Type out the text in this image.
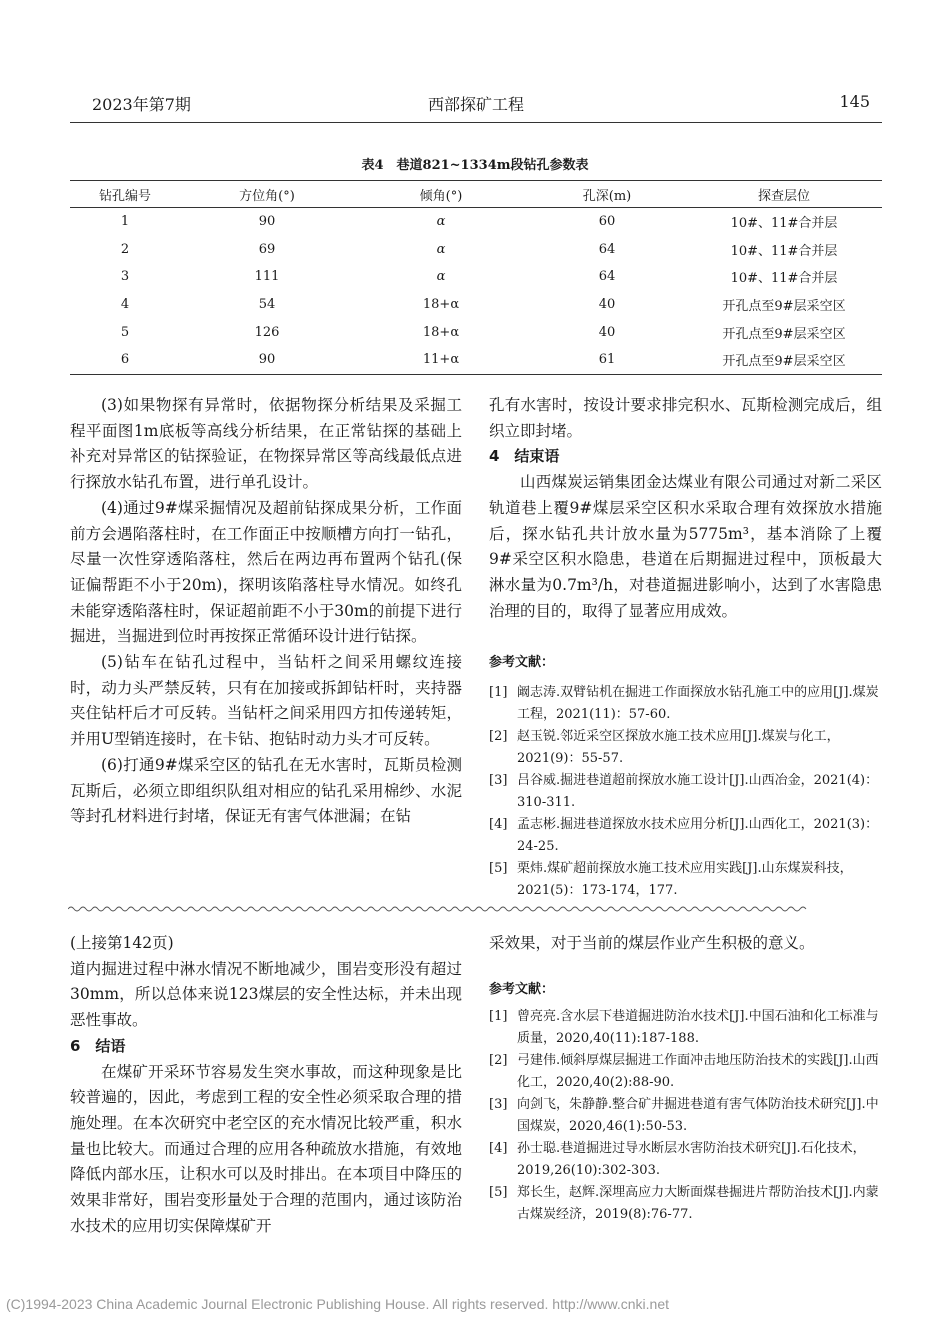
2023年第7期	西部探矿工程	145
表4　巷道821~1334m段钻孔参数表
钻孔编号	方位角(°)	倾角(°)	孔深(m)	探查层位
1	90	α	60	10#、11#合并层
2	69	α	64	10#、11#合并层
3	111	α	64	10#、11#合并层
4	54	18+α	40	开孔点至9#层采空区
5	126	18+α	40	开孔点至9#层采空区
6	90	11+α	61	开孔点至9#层采空区

(3)如果物探有异常时，依据物探分析结果及采掘工程平面图1m底板等高线分析结果，在正常钻探的基础上补充对异常区的钻探验证，在物探异常区等高线最低点进行探放水钻孔布置，进行单孔设计。

(4)通过9#煤采掘情况及超前钻探成果分析，工作面前方会遇陷落柱时，在工作面正中按顺槽方向打一钻孔，尽量一次性穿透陷落柱，然后在两边再布置两个钻孔(保证偏帮距不小于20m)，探明该陷落柱导水情况。如终孔未能穿透陷落柱时，保证超前距不小于30m的前提下进行掘进，当掘进到位时再按探正常循环设计进行钻探。

(5)钻车在钻孔过程中，当钻杆之间采用螺纹连接时，动力头严禁反转，只有在加接或拆卸钻杆时，夹持器夹住钻杆后才可反转。当钻杆之间采用四方扣传递转矩，并用U型销连接时，在卡钻、抱钻时动力头才可反转。

(6)打通9#煤采空区的钻孔在无水害时，瓦斯员检测瓦斯后，必须立即组织队组对相应的钻孔采用棉纱、水泥等封孔材料进行封堵，保证无有害气体泄漏；在钻

孔有水害时，按设计要求排完积水、瓦斯检测完成后，组织立即封堵。

4　结束语

山西煤炭运销集团金达煤业有限公司通过对新二采区轨道巷上覆9#煤层采空区积水采取合理有效探放水措施后，探水钻孔共计放水量为5775m³，基本消除了上覆9#采空区积水隐患，巷道在后期掘进过程中，顶板最大淋水量为0.7m³/h，对巷道掘进影响小，达到了水害隐患治理的目的，取得了显著应用成效。

参考文献：
[1] 阚志涛.双臂钻机在掘进工作面探放水钻孔施工中的应用[J].煤炭工程，2021(11)：57-60.
[2] 赵玉锐.邻近采空区探放水施工技术应用[J].煤炭与化工，2021(9)：55-57.
[3] 吕谷威.掘进巷道超前探放水施工设计[J].山西冶金，2021(4)：310-311.
[4] 孟志彬.掘进巷道探放水技术应用分析[J].山西化工，2021(3)：24-25.
[5] 栗炜.煤矿超前探放水施工技术应用实践[J].山东煤炭科技，2021(5)：173-174，177.

(上接第142页)

道内掘进过程中淋水情况不断地减少，围岩变形没有超过30mm，所以总体来说123煤层的安全性达标，并未出现恶性事故。

6　结语

在煤矿开采环节容易发生突水事故，而这种现象是比较普遍的，因此，考虑到工程的安全性必须采取合理的措施处理。在本次研究中老空区的充水情况比较严重，积水量也比较大。而通过合理的应用各种疏放水措施，有效地降低内部水压，让积水可以及时排出。在本项目中降压的效果非常好，围岩变形量处于合理的范围内，通过该防治水技术的应用切实保障煤矿开

采效果，对于当前的煤层作业产生积极的意义。

参考文献：
[1] 曾亮亮.含水层下巷道掘进防治水技术[J].中国石油和化工标准与质量，2020,40(11):187-188.
[2] 弓建伟.倾斜厚煤层掘进工作面冲击地压防治技术的实践[J].山西化工，2020,40(2):88-90.
[3] 向剑飞，朱静静.整合矿井掘进巷道有害气体防治技术研究[J].中国煤炭，2020,46(1):50-53.
[4] 孙士聪.巷道掘进过导水断层水害防治技术研究[J].石化技术，2019,26(10):302-303.
[5] 郑长生，赵辉.深埋高应力大断面煤巷掘进片帮防治技术[J].内蒙古煤炭经济，2019(8):76-77.
(C)1994-2023 China Academic Journal Electronic Publishing House. All rights reserved. http://www.cnki.net
